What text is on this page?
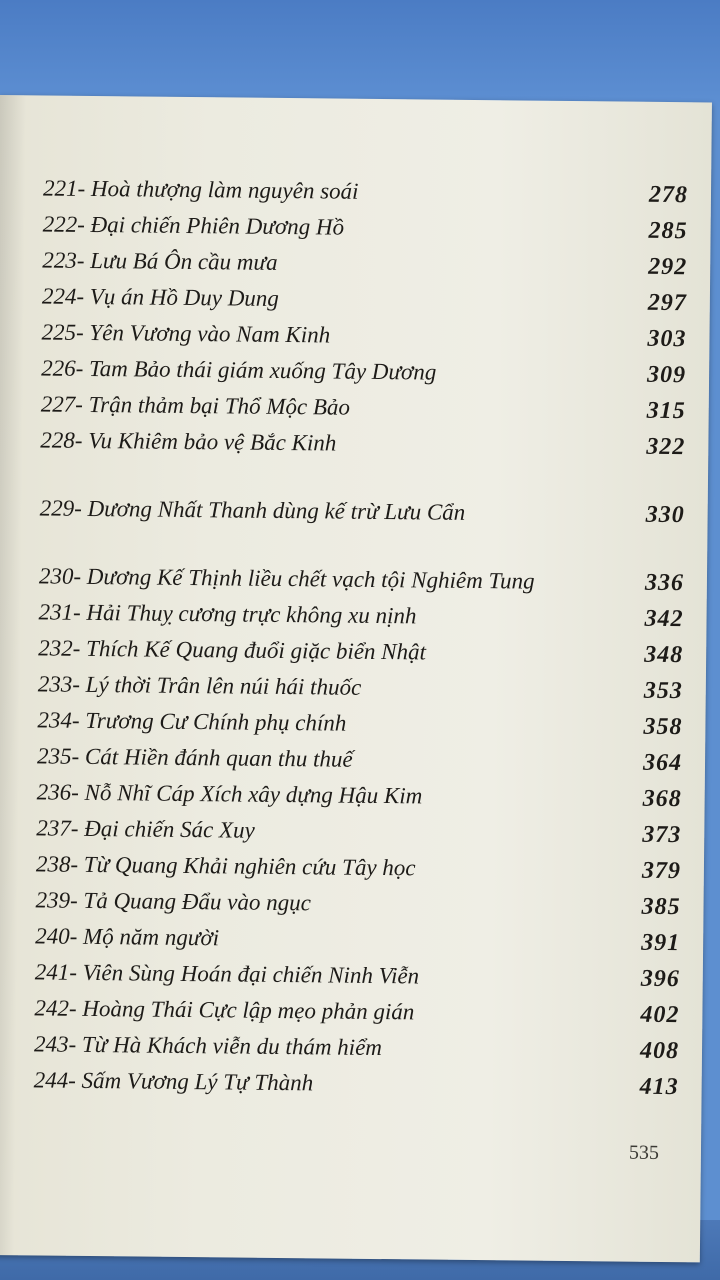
221- Hoà thượng làm nguyên soái	278
222- Đại chiến Phiên Dương Hồ	285
223- Lưu Bá Ôn cầu mưa	292
224- Vụ án Hồ Duy Dung	297
225- Yên Vương vào Nam Kinh	303
226- Tam Bảo thái giám xuống Tây Dương	309
227- Trận thảm bại Thổ Mộc Bảo	315
228- Vu Khiêm bảo vệ Bắc Kinh	322
229- Dương Nhất Thanh dùng kế trừ Lưu Cẩn	330
230- Dương Kế Thịnh liều chết vạch tội Nghiêm Tung	336
231- Hải Thuỵ cương trực không xu nịnh	342
232- Thích Kế Quang đuổi giặc biển Nhật	348
233- Lý thời Trân lên núi hái thuốc	353
234- Trương Cư Chính phụ chính	358
235- Cát Hiền đánh quan thu thuế	364
236- Nỗ Nhĩ Cáp Xích xây dựng Hậu Kim	368
237- Đại chiến Sác Xuy	373
238- Từ Quang Khải nghiên cứu Tây học	379
239- Tả Quang Đẩu vào ngục	385
240- Mộ năm người	391
241- Viên Sùng Hoán đại chiến Ninh Viễn	396
242- Hoàng Thái Cực lập mẹo phản gián	402
243- Từ Hà Khách viễn du thám hiểm	408
244- Sấm Vương Lý Tự Thành	413
535
